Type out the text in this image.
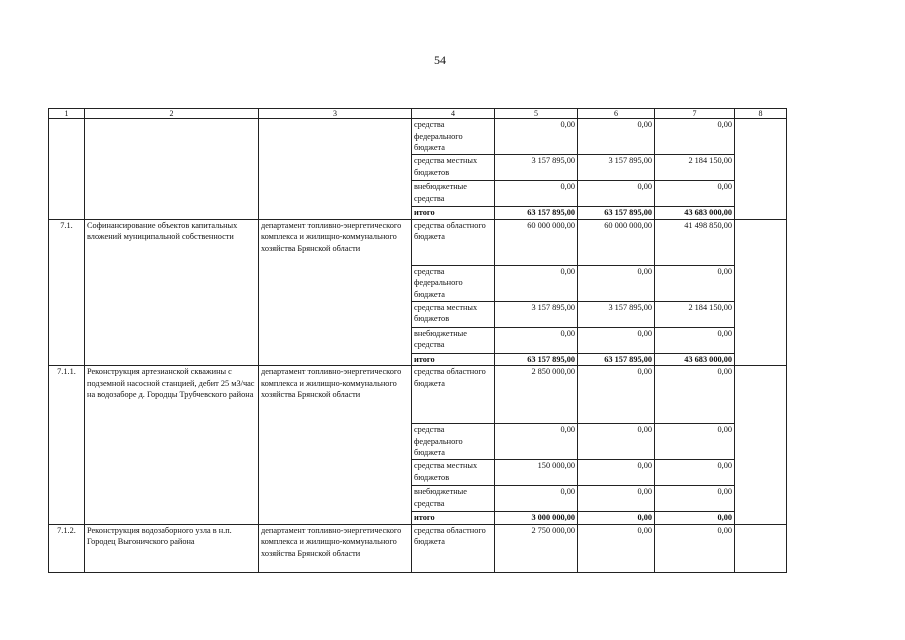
54
1	2	3	4	5	6	7	8
			средства федерального бюджета	0,00	0,00	0,00	
			средства местных бюджетов	3 157 895,00	3 157 895,00	2 184 150,00	
			внебюджетные средства	0,00	0,00	0,00	
			итого	63 157 895,00	63 157 895,00	43 683 000,00	
7.1.	Софинансирование объектов капитальных вложений муниципальной собственности	департамент топливно-энергетического комплекса и жилищно-коммунального хозяйства Брянской области	средства областного бюджета	60 000 000,00	60 000 000,00	41 498 850,00	
			средства федерального бюджета	0,00	0,00	0,00	
			средства местных бюджетов	3 157 895,00	3 157 895,00	2 184 150,00	
			внебюджетные средства	0,00	0,00	0,00	
			итого	63 157 895,00	63 157 895,00	43 683 000,00	
7.1.1.	Реконструкция артезианской скважины с подземной насосной станцией, дебит 25 м3/час на водозаборе д. Городцы Трубчевского района	департамент топливно-энергетического комплекса и жилищно-коммунального хозяйства Брянской области	средства областного бюджета	2 850 000,00	0,00	0,00	
			средства федерального бюджета	0,00	0,00	0,00	
			средства местных бюджетов	150 000,00	0,00	0,00	
			внебюджетные средства	0,00	0,00	0,00	
			итого	3 000 000,00	0,00	0,00	
7.1.2.	Реконструкция водозаборного узла в н.п. Городец Выгоничского района	департамент топливно-энергетического комплекса и жилищно-коммунального хозяйства Брянской области	средства областного бюджета	2 750 000,00	0,00	0,00	
